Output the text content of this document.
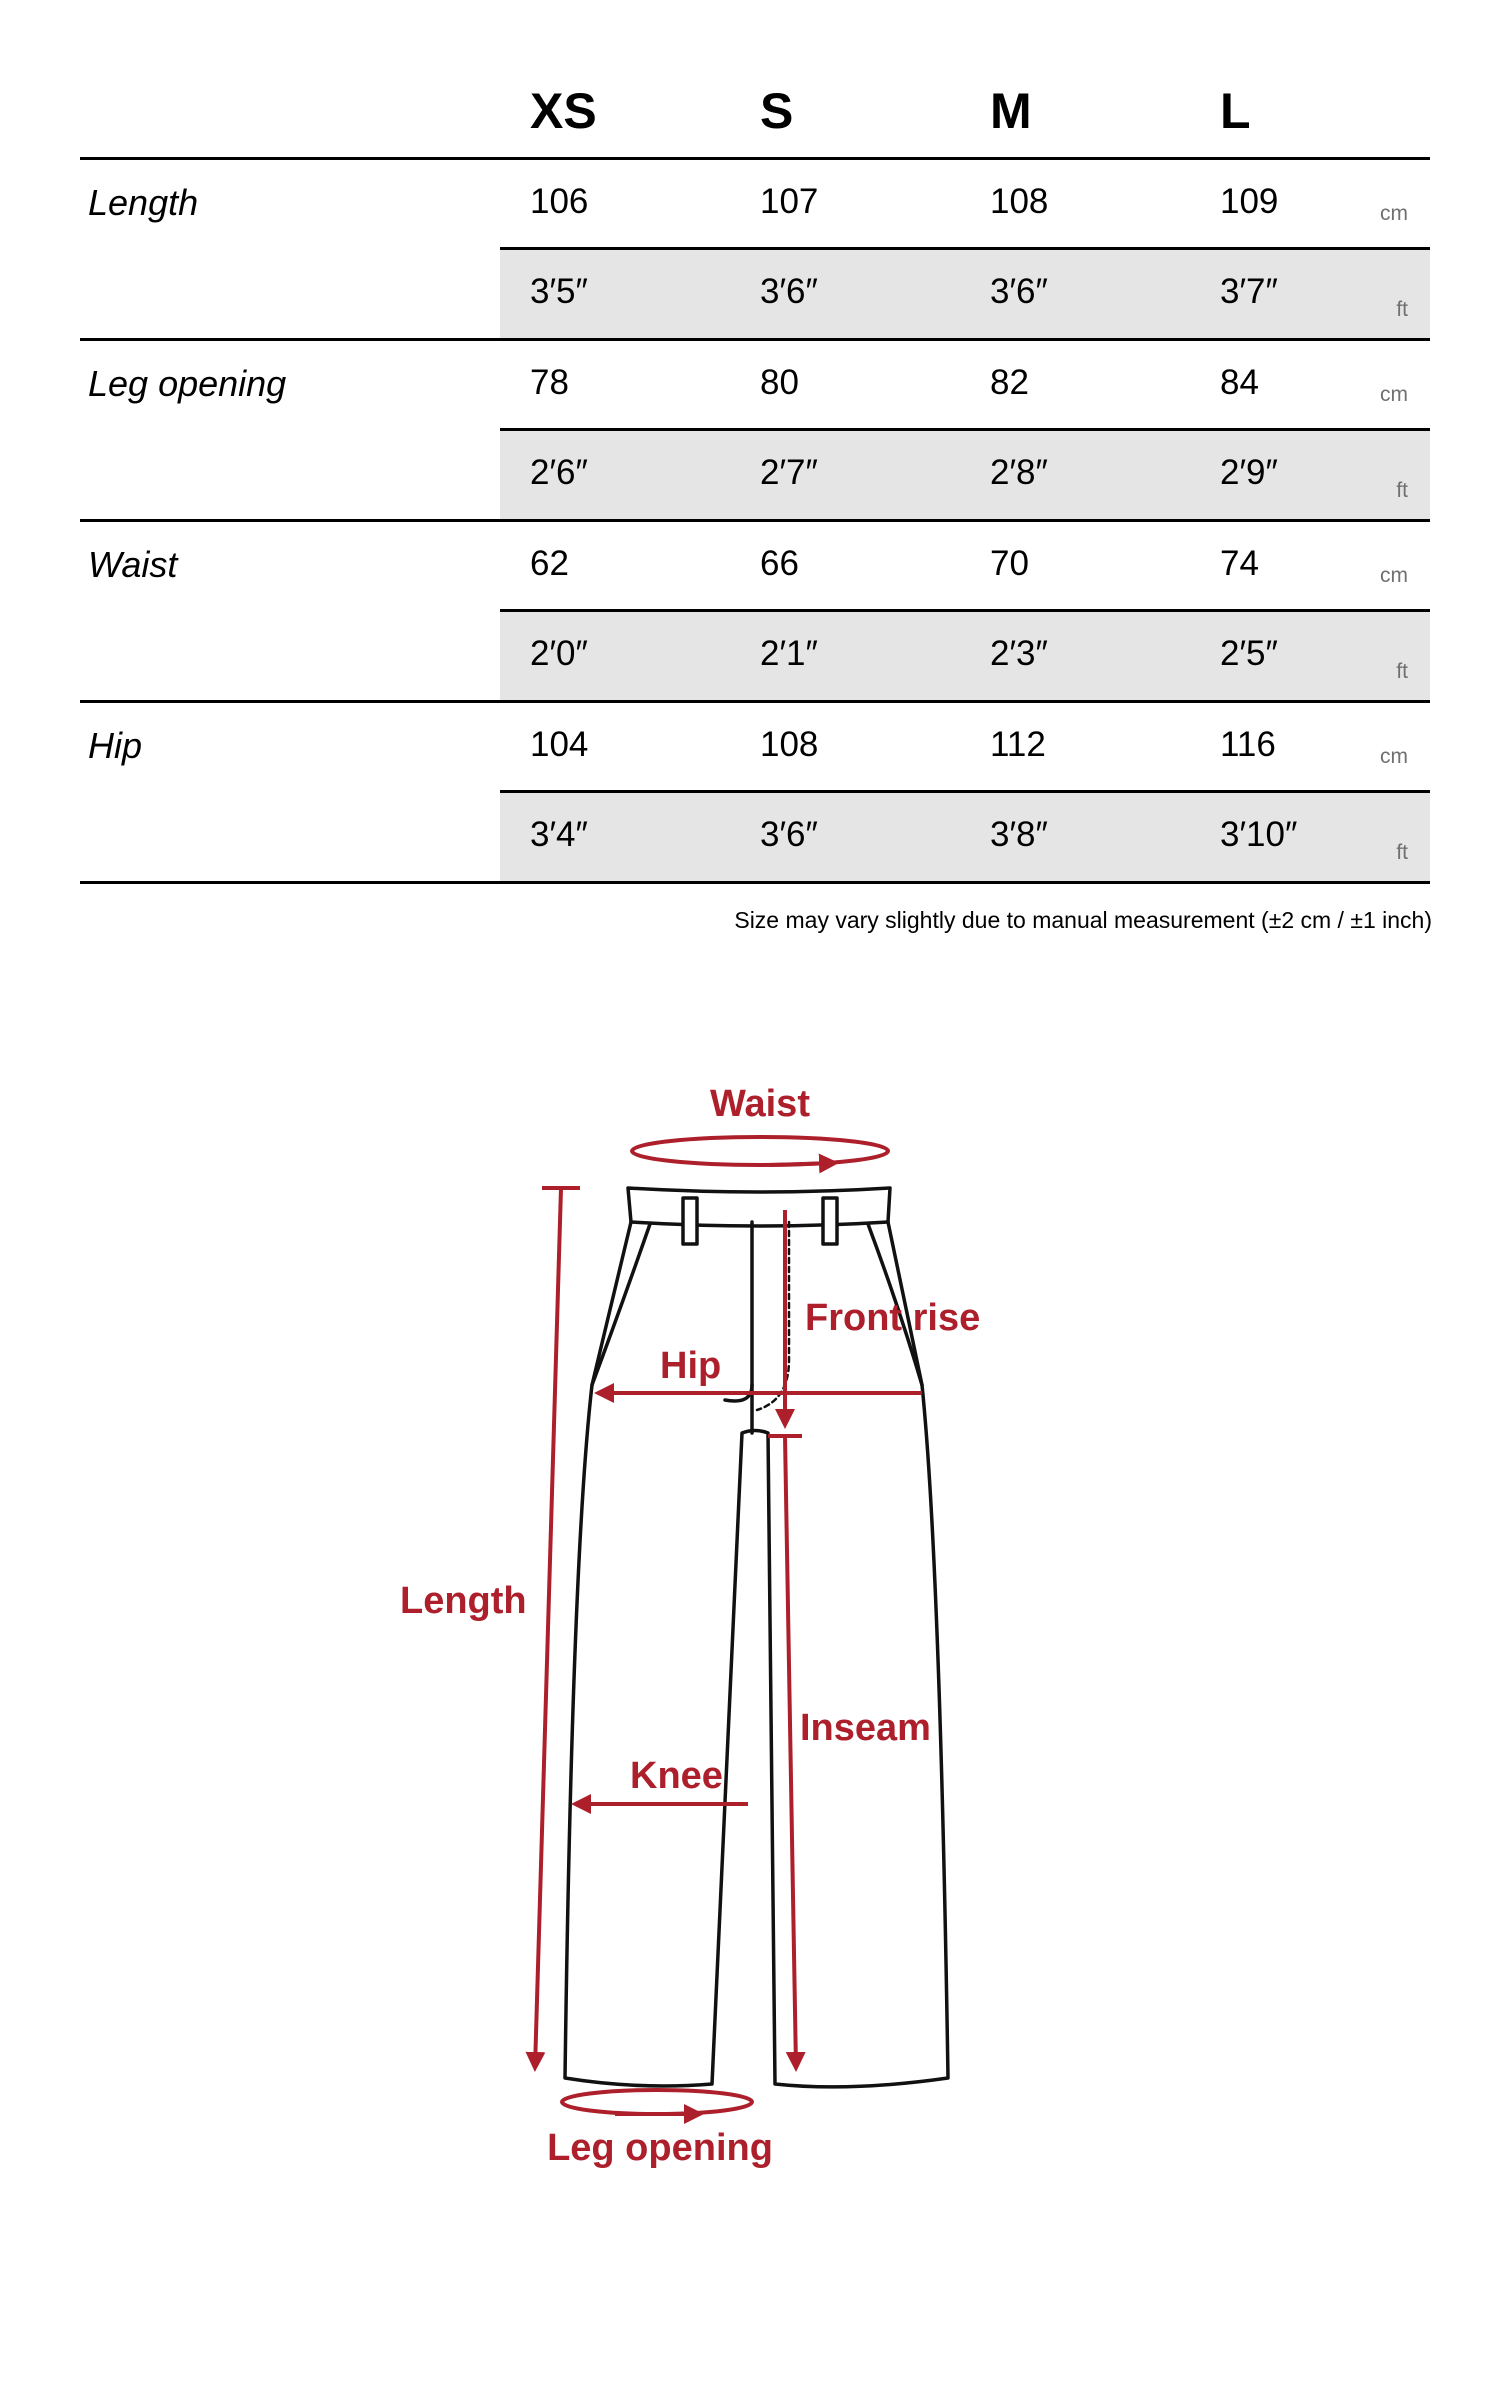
XS	S	M	L
Length	106	107	108	109	cm
3′5″	3′6″	3′6″	3′7″	ft
Leg opening	78	80	82	84	cm
2′6″	2′7″	2′8″	2′9″	ft
Waist	62	66	70	74	cm
2′0″	2′1″	2′3″	2′5″	ft
Hip	104	108	112	116	cm
3′4″	3′6″	3′8″	3′10″	ft
Size may vary slightly due to manual measurement (±2 cm / ±1 inch)
Waist
Length
Hip
Front rise
Inseam
Knee
Leg opening
